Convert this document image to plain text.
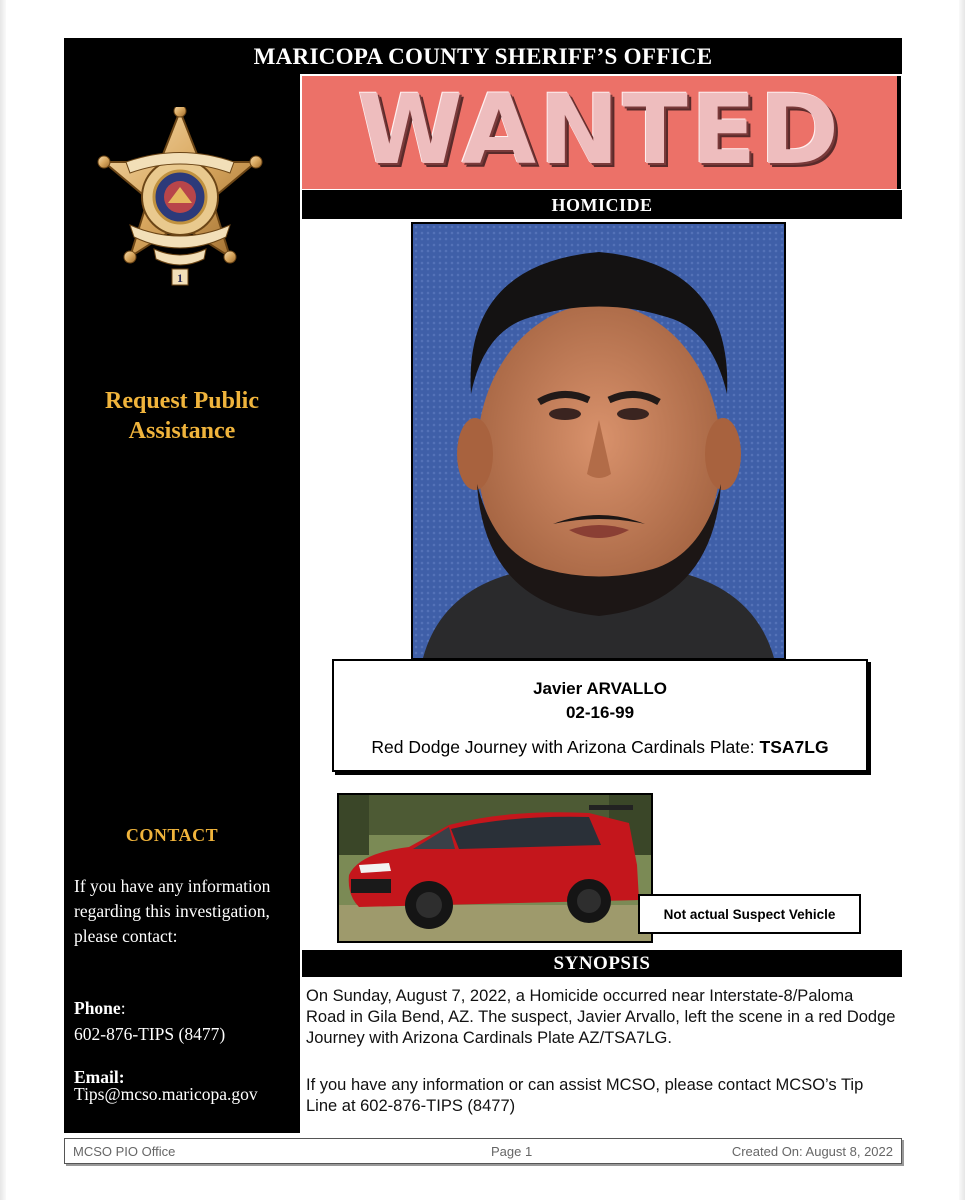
MARICOPA COUNTY SHERIFF’S OFFICE
1
Request Public
Assistance
CONTACT
If you have any information regarding this investigation, please contact:
Phone:
602-876-TIPS (8477)
Email:
Tips@mcso.maricopa.gov
WANTED
HOMICIDE
Javier ARVALLO
02-16-99
Red Dodge Journey with Arizona Cardinals Plate: TSA7LG
Not actual Suspect Vehicle
SYNOPSIS
On Sunday, August 7, 2022, a Homicide occurred near Interstate-8/Paloma Road in Gila Bend, AZ. The suspect, Javier Arvallo, left the scene in a red Dodge Journey with Arizona Cardinals Plate AZ/TSA7LG.
If you have any information or can assist MCSO, please contact MCSO’s Tip Line at 602-876-TIPS (8477)
MCSO PIO Office	Page 1	Created On: August 8, 2022
